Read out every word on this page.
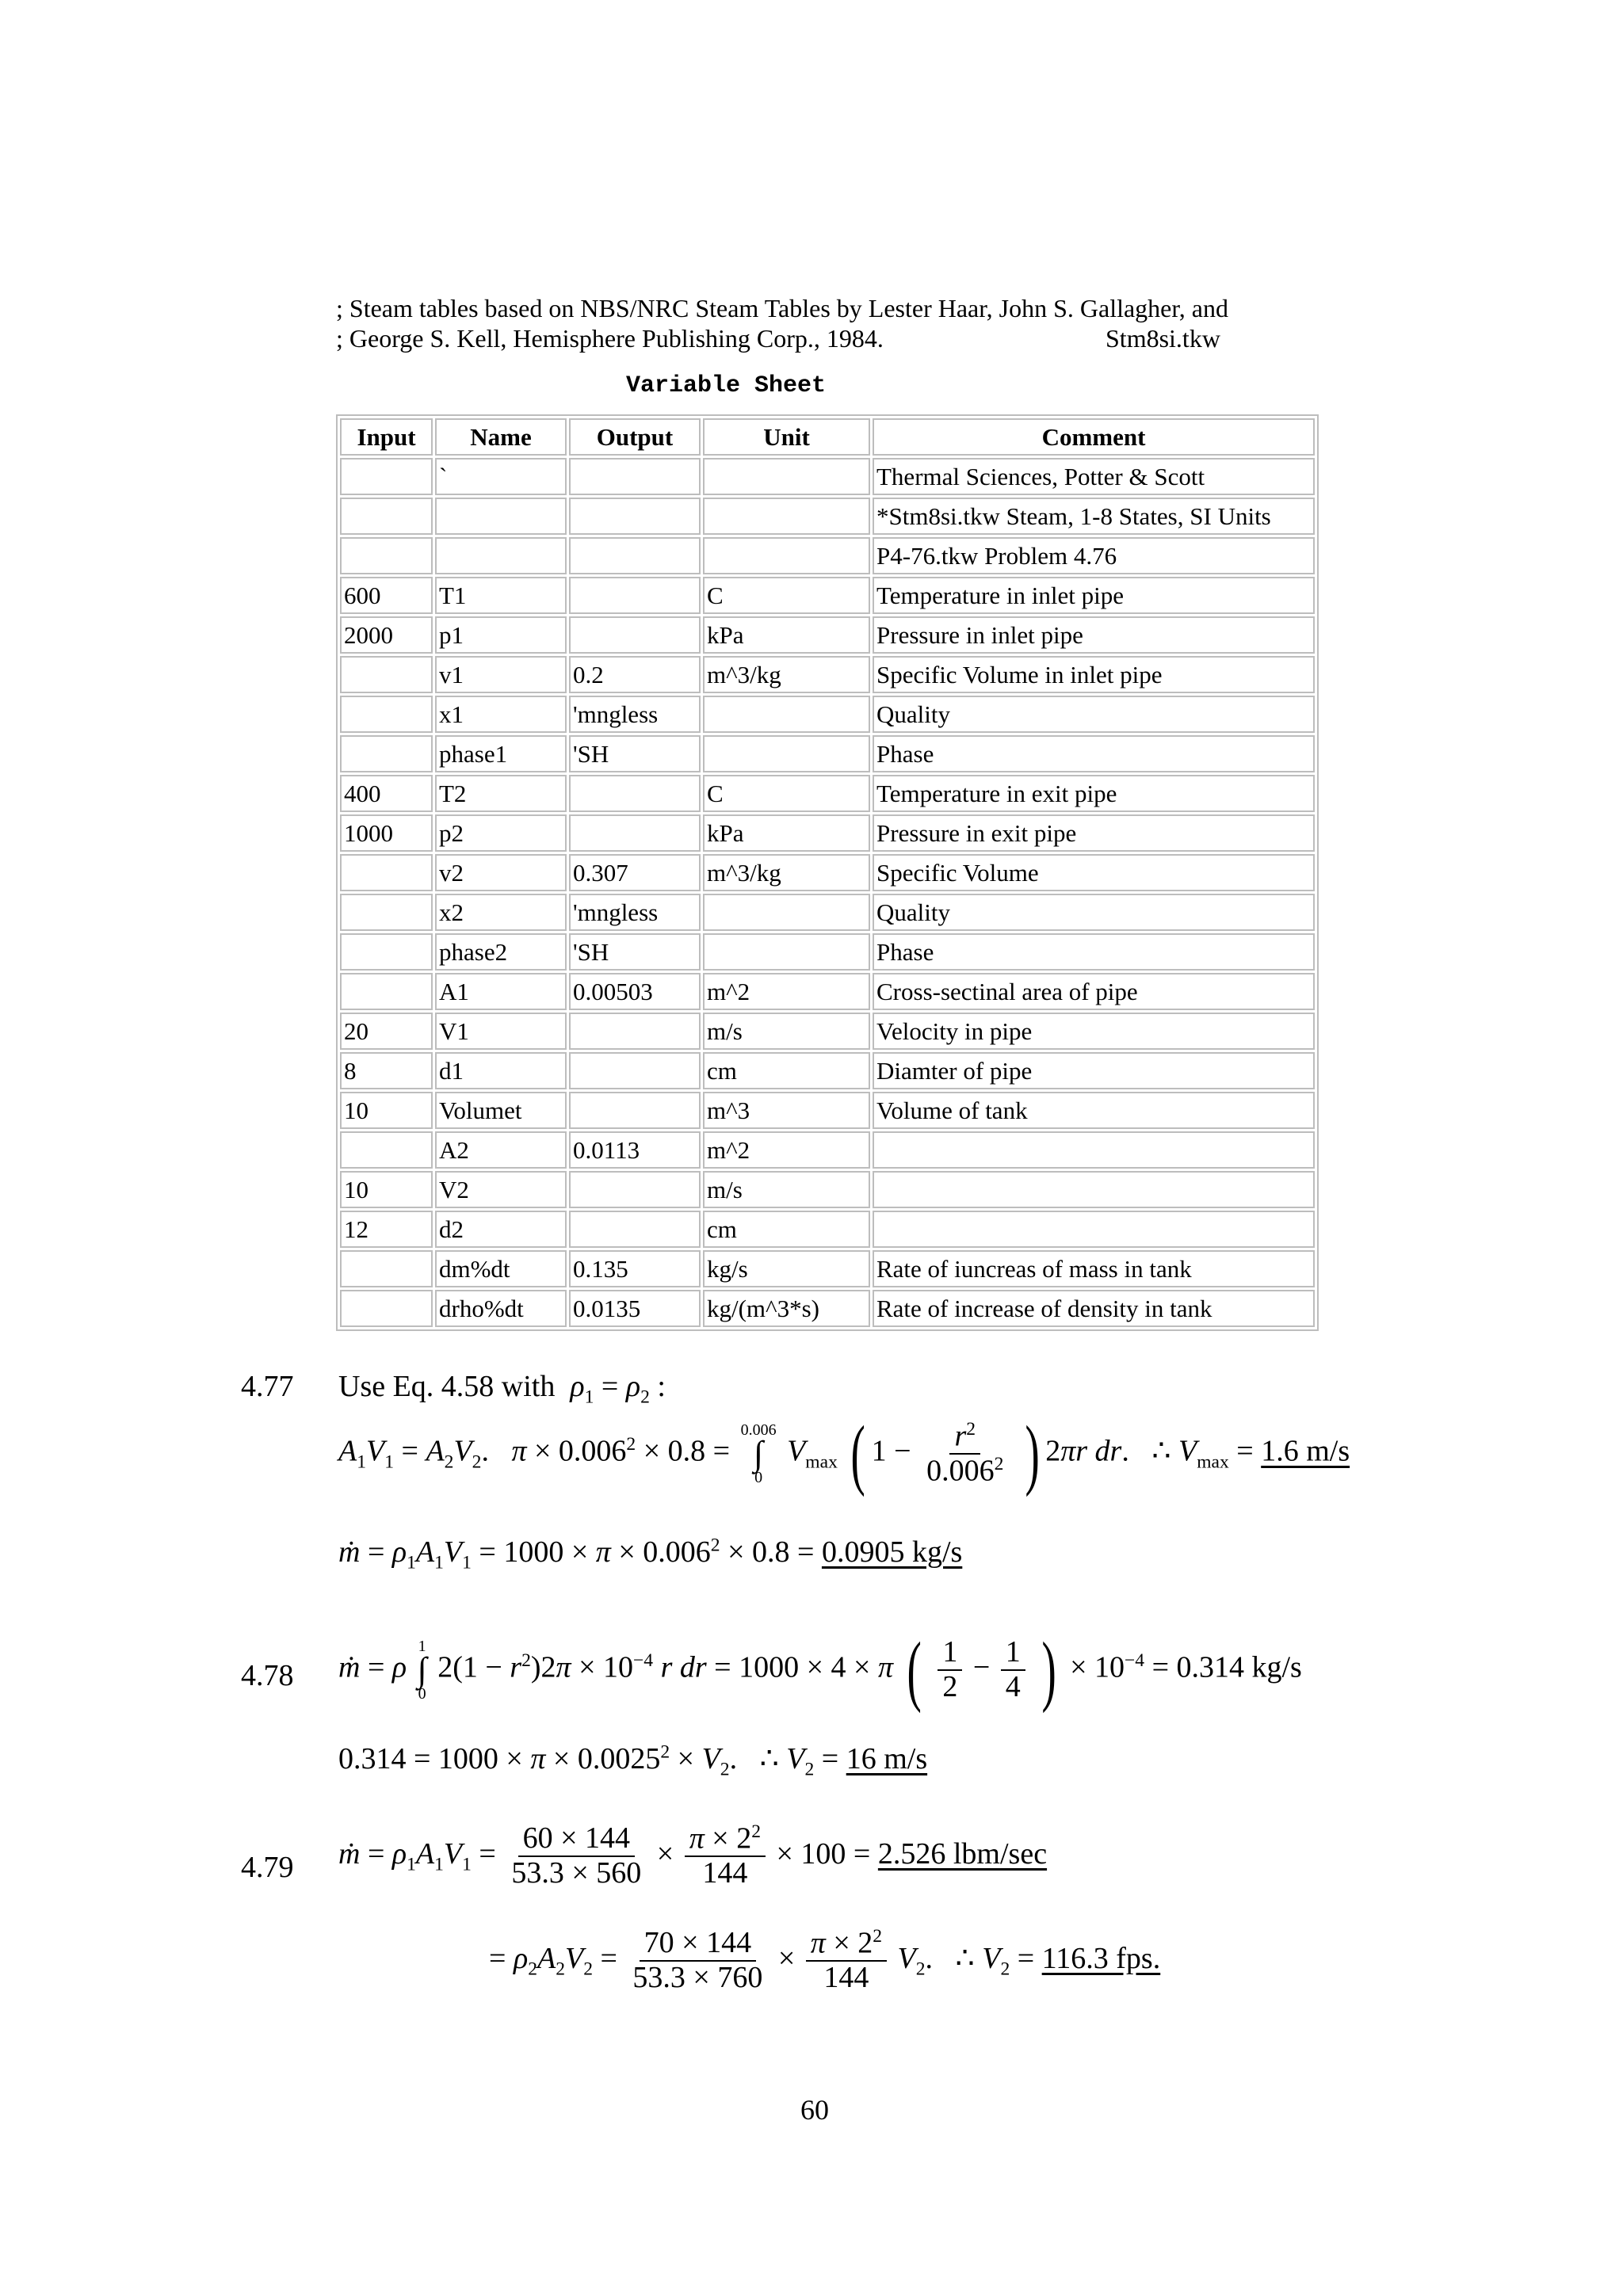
; Steam tables based on NBS/NRC Steam Tables by Lester Haar, John S. Gallagher, and
; George S. Kell, Hemisphere Publishing Corp., 1984.	Stm8si.tkw
Variable Sheet
Input	Name	Output	Unit	Comment
	`			Thermal Sciences, Potter & Scott
				*Stm8si.tkw Steam, 1-8 States, SI Units
				P4-76.tkw Problem 4.76
600	T1		C	Temperature in inlet pipe
2000	p1		kPa	Pressure in inlet pipe
	v1	0.2	m^3/kg	Specific Volume in inlet pipe
	x1	'mngless		Quality
	phase1	'SH		Phase
400	T2		C	Temperature in exit pipe
1000	p2		kPa	Pressure in exit pipe
	v2	0.307	m^3/kg	Specific Volume
	x2	'mngless		Quality
	phase2	'SH		Phase
	A1	0.00503	m^2	Cross-sectinal area of pipe
20	V1		m/s	Velocity in pipe
8	d1		cm	Diamter of pipe
10	Volumet		m^3	Volume of tank
	A2	0.0113	m^2	
10	V2		m/s	
12	d2		cm	
	dm%dt	0.135	kg/s	Rate of iuncreas of mass in tank
	drho%dt	0.0135	kg/(m^3*s)	Rate of increase of density in tank
4.77 Use Eq. 4.58 with $\rho_1 = \rho_2$ :
$A_1V_1 = A_2V_2$.   $\pi \times 0.006^2 \times 0.8$ =
0.006
∫
0
$V_{max}$ ( $1 - \frac{r^2}{0.006^2}$ ) 2πr dr.   ∴ $V_{max} = 1.6$ m/s
ṁ = $\rho_1A_1V_1 = 1000 \times \pi \times 0.006^2 \times 0.8 = 0.0905$ kg/s
4.78 ṁ = ρ
1
∫
0
$2(1 - r^2)2\pi \times 10^{-4}$ r dr = 1000 × 4 × π ( $\frac{1}{2} - \frac{1}{4}$ ) × $10^{-4} = 0.314$ kg/s
$0.314 = 1000 \times \pi \times 0.0025^2 \times V_2$.   ∴ $V_2 = 16$ m/s
4.79 ṁ = $\rho_1A_1V_1 = \frac{60 \times 144}{53.3 \times 560} \times \frac{\pi \times 2^2}{144} \times 100 = 2.526$ lbm/sec
= $\rho_2A_2V_2 = \frac{70 \times 144}{53.3 \times 760} \times \frac{\pi \times 2^2}{144} V_2$.   ∴ $V_2 = 116.3$ fps.
60
